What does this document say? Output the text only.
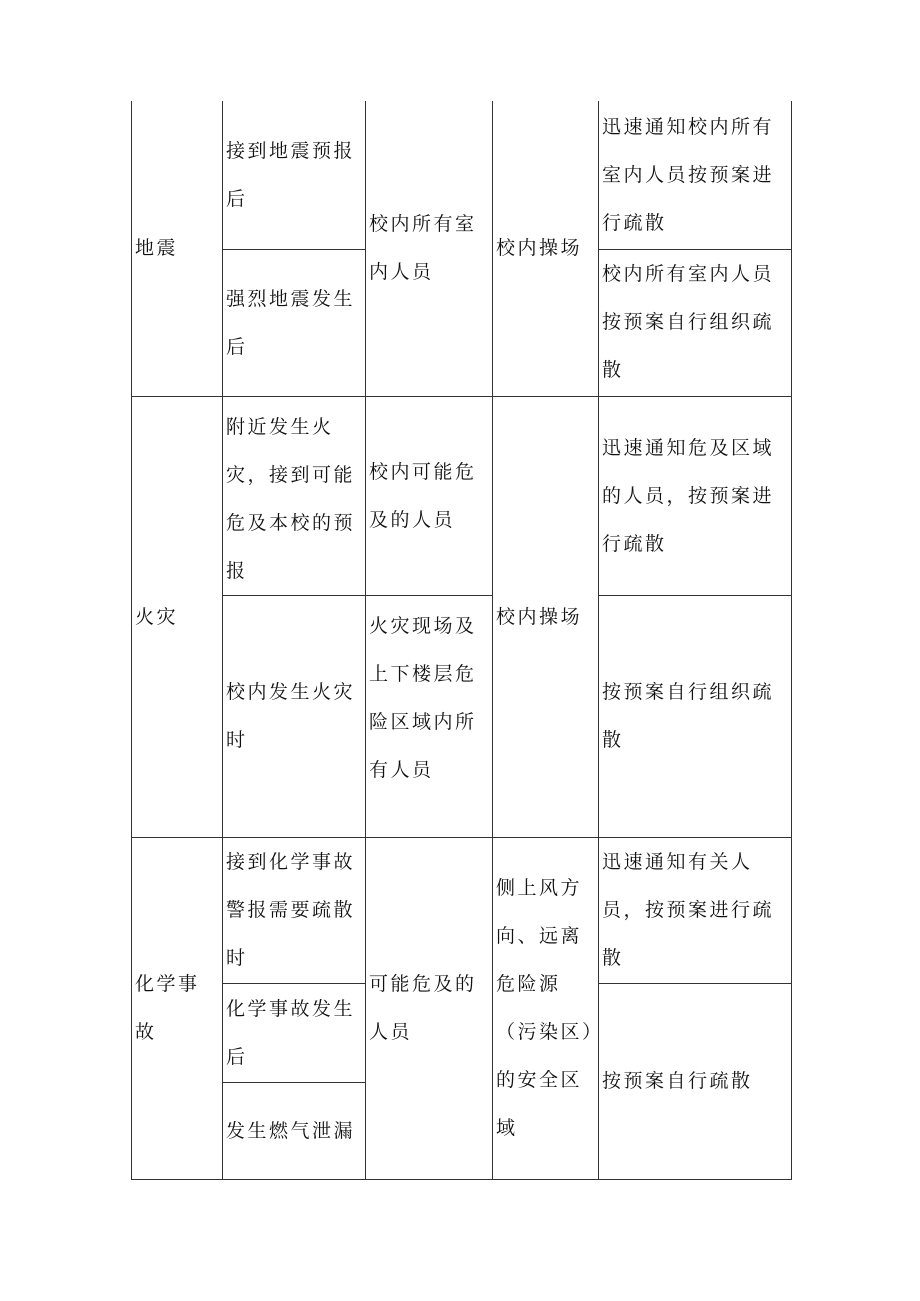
地震	接到地震预报后	校内所有室内人员	校内操场	迅速通知校内所有室内人员按预案进行疏散

	强烈地震发生后			校内所有室内人员按预案自行组织疏散

火灾	附近发生火灾，接到可能危及本校的预报	校内可能危及的人员	校内操场	迅速通知危及区域的人员，按预案进行疏散

	校内发生火灾时	火灾现场及上下楼层危险区域内所有人员		按预案自行组织疏散

化学事故	接到化学事故警报需要疏散时	可能危及的人员	侧上风方向、远离危险源（污染区）的安全区域	迅速通知有关人员，按预案进行疏散

	化学事故发生后			按预案自行疏散

	发生燃气泄漏			
